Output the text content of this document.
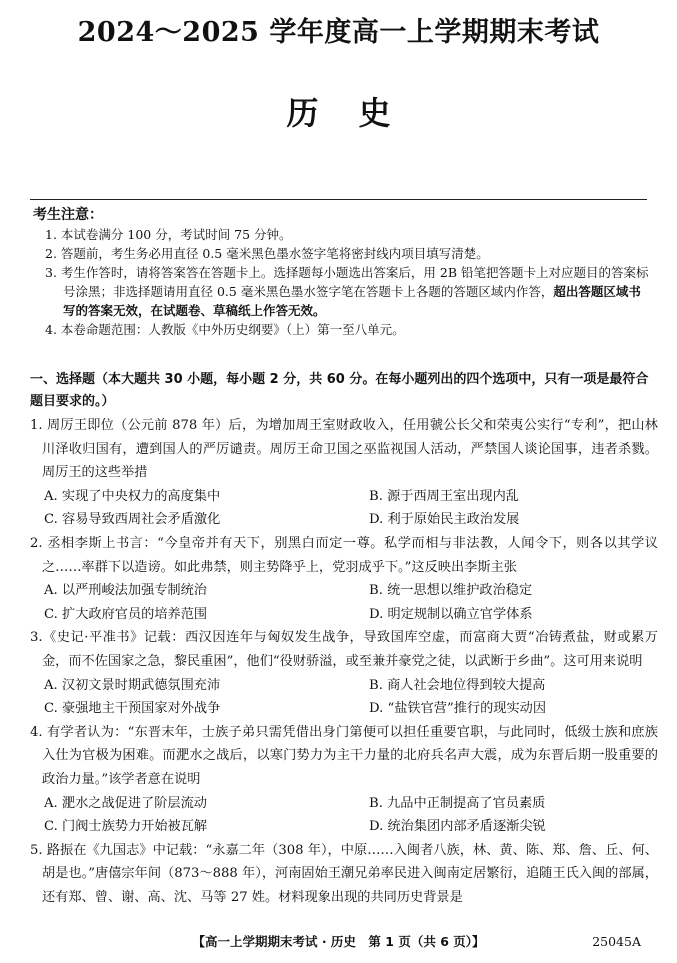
2024～2025 学年度高一上学期期末考试
历史
考生注意：
1. 本试卷满分 100 分，考试时间 75 分钟。
2. 答题前，考生务必用直径 0.5 毫米黑色墨水签字笔将密封线内项目填写清楚。
3. 考生作答时，请将答案答在答题卡上。选择题每小题选出答案后，用 2B 铅笔把答题卡上对应题目的答案标号涂黑；非选择题请用直径 0.5 毫米黑色墨水签字笔在答题卡上各题的答题区域内作答，超出答题区域书写的答案无效，在试题卷、草稿纸上作答无效。
4. 本卷命题范围：人教版《中外历史纲要》（上）第一至八单元。
一、选择题（本大题共 30 小题，每小题 2 分，共 60 分。在每小题列出的四个选项中，只有一项是最符合题目要求的。）
1. 周厉王即位（公元前 878 年）后，为增加周王室财政收入，任用虢公长父和荣夷公实行“专利”，把山林川泽收归国有，遭到国人的严厉谴责。周厉王命卫国之巫监视国人活动，严禁国人谈论国事，违者杀戮。周厉王的这些举措
A. 实现了中央权力的高度集中	B. 源于西周王室出现内乱
C. 容易导致西周社会矛盾激化	D. 利于原始民主政治发展
2. 丞相李斯上书言：“今皇帝并有天下，别黑白而定一尊。私学而相与非法教，人闻令下，则各以其学议之……率群下以造谤。如此弗禁，则主势降乎上，党羽成乎下。”这反映出李斯主张
A. 以严刑峻法加强专制统治	B. 统一思想以维护政治稳定
C. 扩大政府官员的培养范围	D. 明定规制以确立官学体系
3.《史记·平准书》记载：西汉因连年与匈奴发生战争，导致国库空虚，而富商大贾“冶铸煮盐，财或累万金，而不佐国家之急，黎民重困”，他们“役财骄溢，或至兼并豪党之徒，以武断于乡曲”。这可用来说明
A. 汉初文景时期武德氛围充沛	B. 商人社会地位得到较大提高
C. 豪强地主干预国家对外战争	D. “盐铁官营”推行的现实动因
4. 有学者认为：“东晋末年，士族子弟只需凭借出身门第便可以担任重要官职，与此同时，低级士族和庶族入仕为官极为困难。而淝水之战后，以寒门势力为主干力量的北府兵名声大震，成为东晋后期一股重要的政治力量。”该学者意在说明
A. 淝水之战促进了阶层流动	B. 九品中正制提高了官员素质
C. 门阀士族势力开始被瓦解	D. 统治集团内部矛盾逐渐尖锐
5. 路振在《九国志》中记载：“永嘉二年（308 年），中原……入闽者八族，林、黄、陈、郑、詹、丘、何、胡是也。”唐僖宗年间（873～888 年），河南固始王潮兄弟率民进入闽南定居繁衍，追随王氏入闽的部属，还有郑、曾、谢、高、沈、马等 27 姓。材料现象出现的共同历史背景是
【高一上学期期末考试 · 历史　第 1 页（共 6 页）】	25045A
